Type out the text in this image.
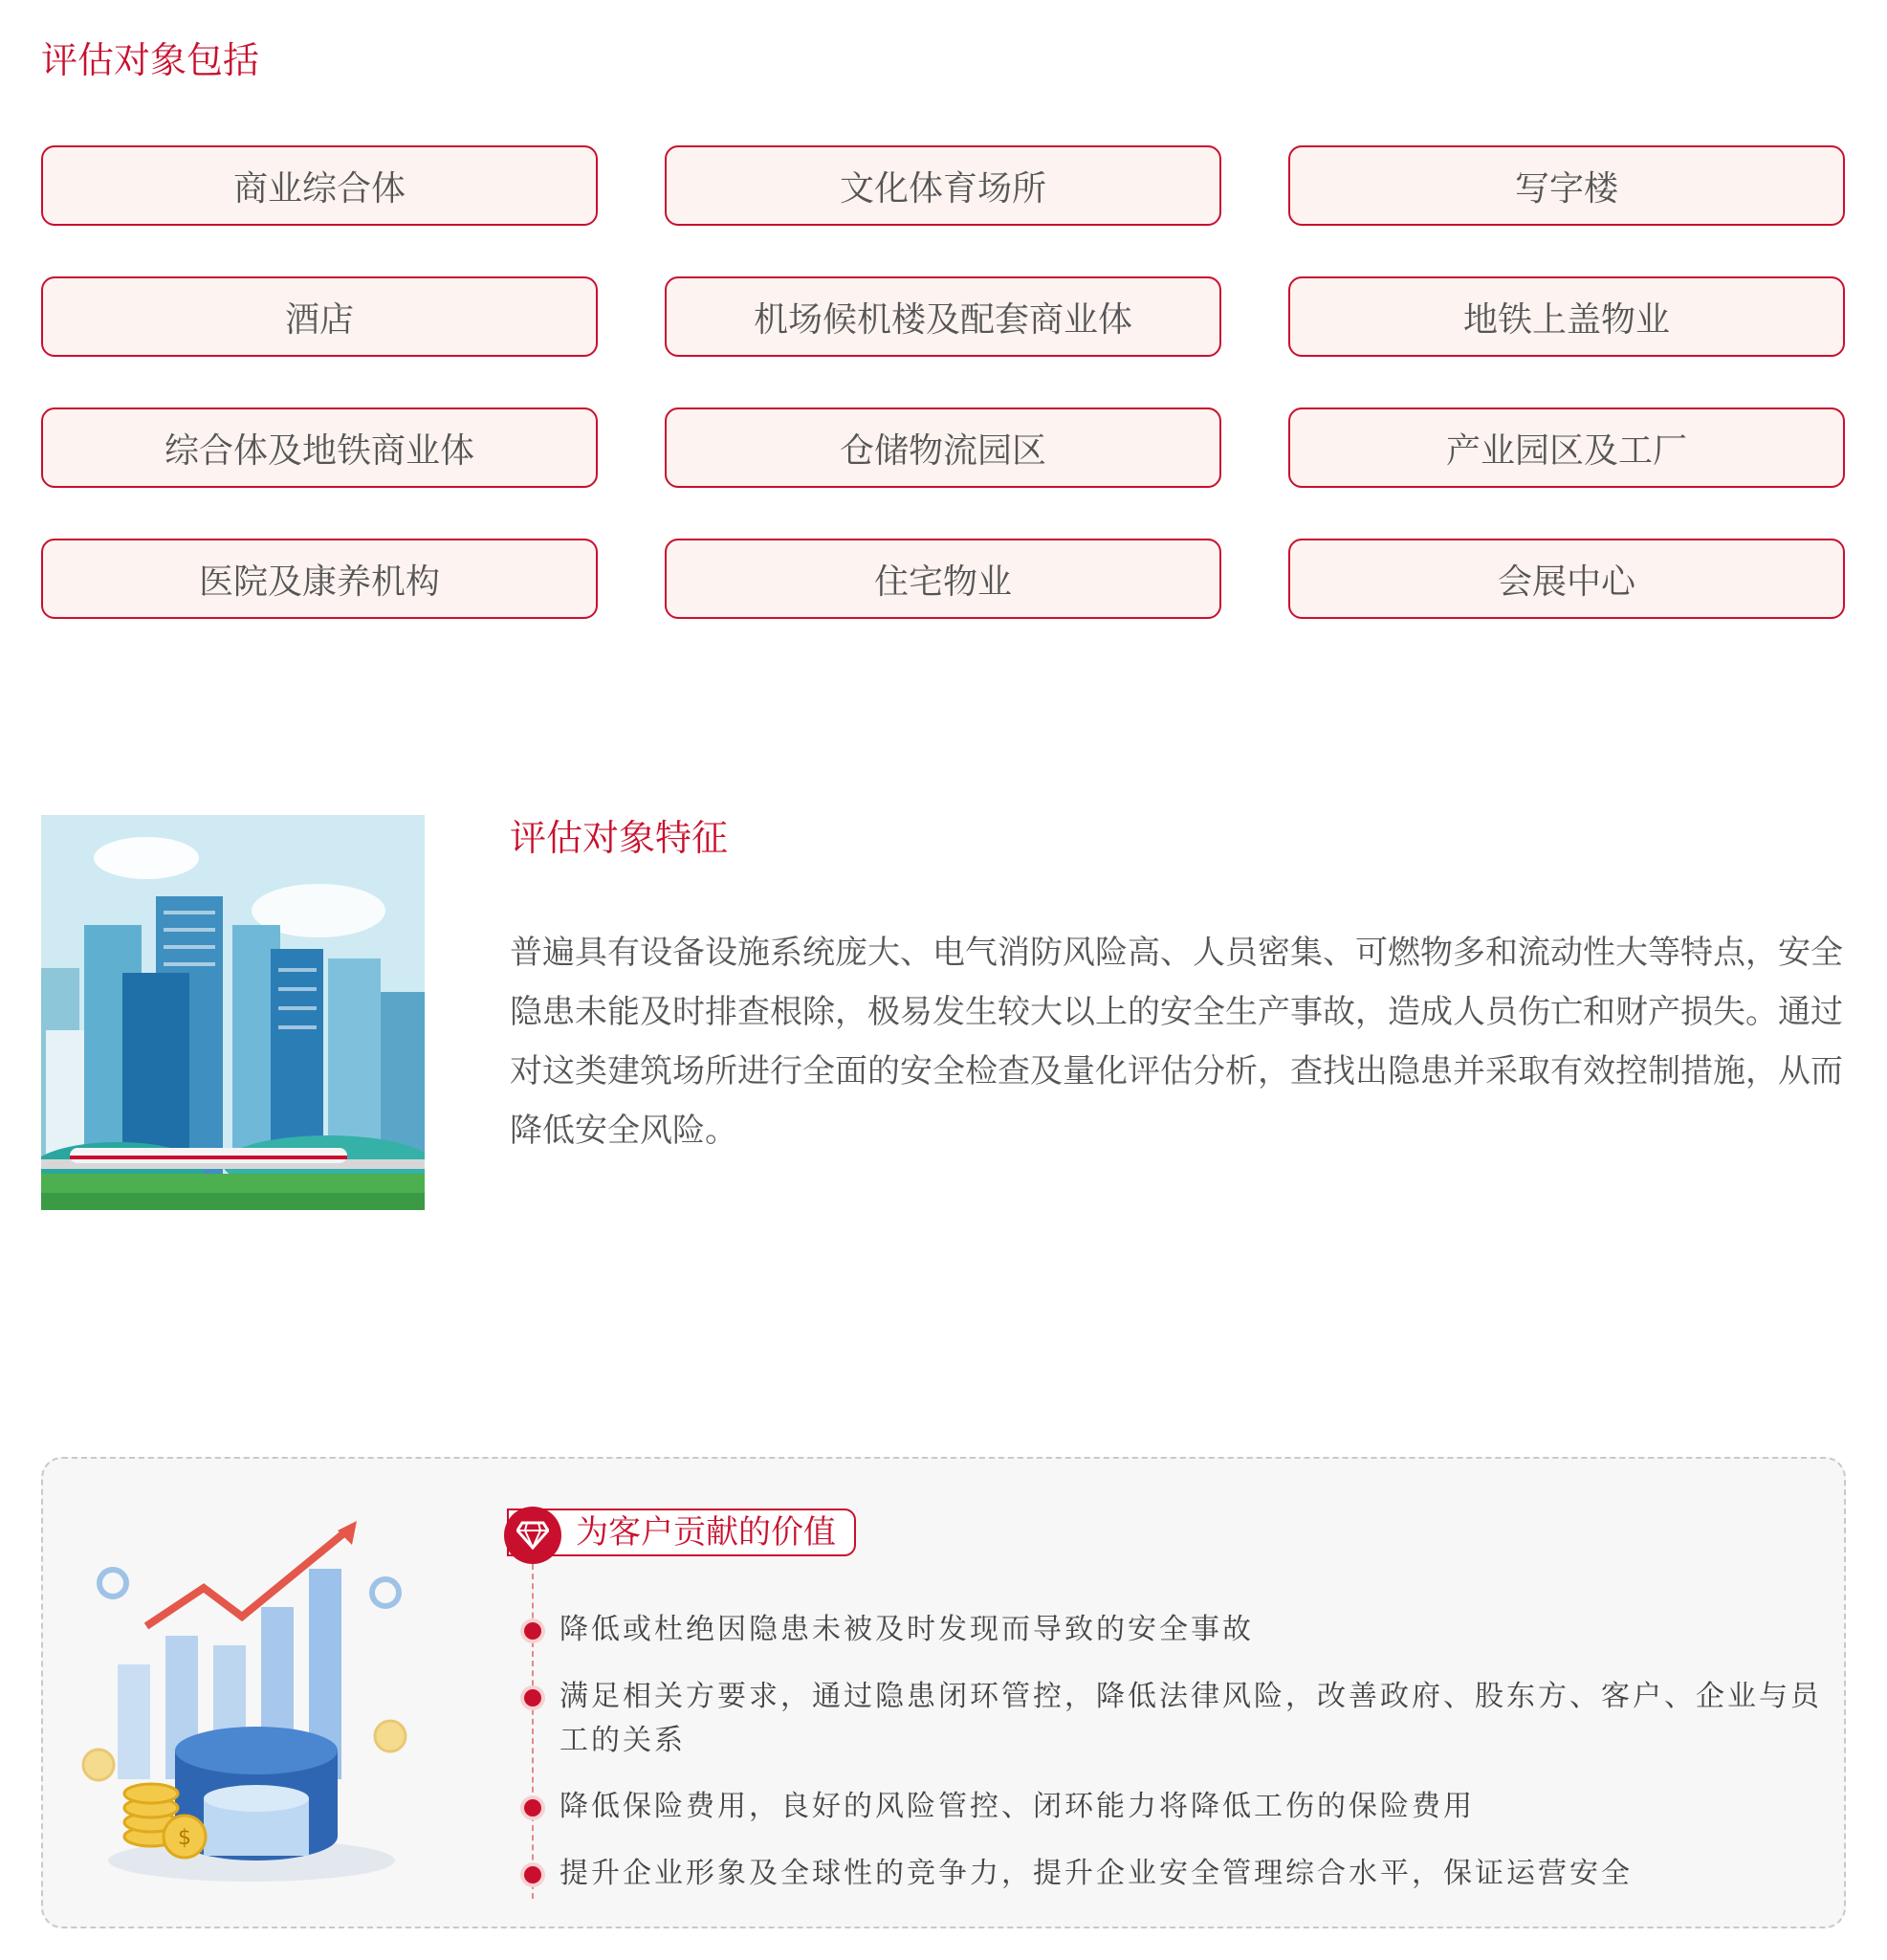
评估对象包括
商业综合体	文化体育场所	写字楼
酒店	机场候机楼及配套商业体	地铁上盖物业
综合体及地铁商业体	仓储物流园区	产业园区及工厂
医院及康养机构	住宅物业	会展中心
评估对象特征

普遍具有设备设施系统庞大、电气消防风险高、人员密集、可燃物多和流动性大等特点，安全隐患未能及时排查根除，极易发生较大以上的安全生产事故，造成人员伤亡和财产损失。通过对这类建筑场所进行全面的安全检查及量化评估分析，查找出隐患并采取有效控制措施，从而降低安全风险。

$
为客户贡献的价值
降低或杜绝因隐患未被及时发现而导致的安全事故
满足相关方要求，通过隐患闭环管控，降低法律风险，改善政府、股东方、客户、企业与员工的关系
降低保险费用，良好的风险管控、闭环能力将降低工伤的保险费用
提升企业形象及全球性的竞争力，提升企业安全管理综合水平，保证运营安全
